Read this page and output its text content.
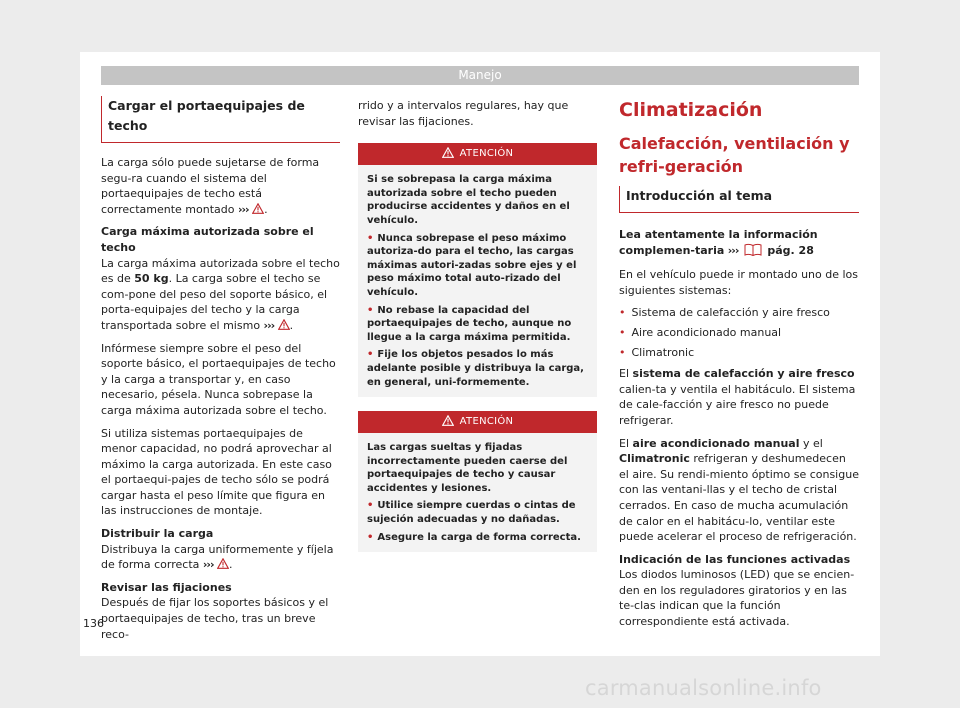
Manejo
Cargar el portaequipajes de techo

La carga sólo puede sujetarse de forma segu-ra cuando el sistema del portaequipajes de techo está correctamente montado ››› .

Carga máxima autorizada sobre el techo

La carga máxima autorizada sobre el techo es de 50 kg. La carga sobre el techo se com-pone del peso del soporte básico, el porta-equipajes del techo y la carga transportada sobre el mismo ››› .

Infórmese siempre sobre el peso del soporte básico, el portaequipajes de techo y la carga a transportar y, en caso necesario, pésela. Nunca sobrepase la carga máxima autorizada sobre el techo.

Si utiliza sistemas portaequipajes de menor capacidad, no podrá aprovechar al máximo la carga autorizada. En este caso el portaequi-pajes de techo sólo se podrá cargar hasta el peso límite que figura en las instrucciones de montaje.

Distribuir la carga

Distribuya la carga uniformemente y fíjela de forma correcta ››› .

Revisar las fijaciones

Después de fijar los soportes básicos y el portaequipajes de techo, tras un breve reco-

rrido y a intervalos regulares, hay que revisar las fijaciones.

ATENCIÓN
Si se sobrepasa la carga máxima autorizada sobre el techo pueden producirse accidentes y daños en el vehículo.
• Nunca sobrepase el peso máximo autoriza-do para el techo, las cargas máximas autori-zadas sobre ejes y el peso máximo total auto-rizado del vehículo.
• No rebase la capacidad del portaequipajes de techo, aunque no llegue a la carga máxima permitida.
• Fije los objetos pesados lo más adelante posible y distribuya la carga, en general, uni-formemente.
ATENCIÓN
Las cargas sueltas y fijadas incorrectamente pueden caerse del portaequipajes de techo y causar accidentes y lesiones.
• Utilice siempre cuerdas o cintas de sujeción adecuadas y no dañadas.
• Asegure la carga de forma correcta.
Climatización
Calefacción, ventilación y refri-geración
Introducción al tema

Lea atentamente la información complemen-taria ›››	pág. 28

En el vehículo puede ir montado uno de los siguientes sistemas:

• Sistema de calefacción y aire fresco
• Aire acondicionado manual
• Climatronic

El sistema de calefacción y aire fresco calien-ta y ventila el habitáculo. El sistema de cale-facción y aire fresco no puede refrigerar.

El aire acondicionado manual y el Climatronic refrigeran y deshumedecen el aire. Su rendi-miento óptimo se consigue con las ventani-llas y el techo de cristal cerrados. En caso de mucha acumulación de calor en el habitácu-lo, ventilar este puede acelerar el proceso de refrigeración.

Indicación de las funciones activadas

Los diodos luminosos (LED) que se encien-den en los reguladores giratorios y en las te-clas indican que la función correspondiente está activada.

136
carmanualsonline.info
